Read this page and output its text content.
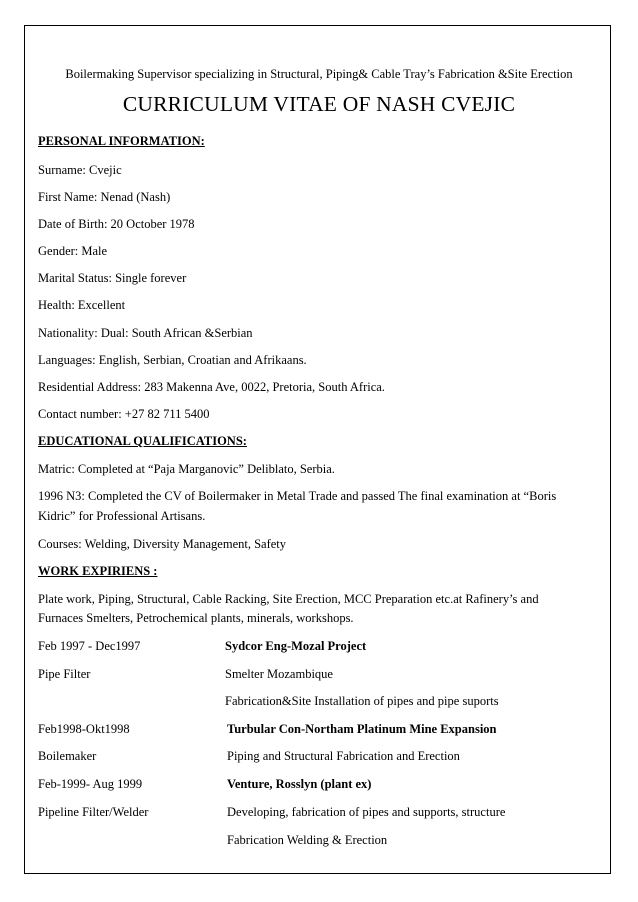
Boilermaking Supervisor specializing in Structural, Piping& Cable Tray’s Fabrication &Site Erection
CURRICULUM VITAE OF NASH CVEJIC
PERSONAL INFORMATION:
Surname: Cvejic
First Name: Nenad (Nash)
Date of Birth: 20 October 1978
Gender: Male
Marital Status: Single forever
Health: Excellent
Nationality: Dual: South African &Serbian
Languages: English, Serbian, Croatian and Afrikaans.
Residential Address: 283 Makenna Ave, 0022, Pretoria, South Africa.
Contact number: +27 82 711 5400
EDUCATIONAL QUALIFICATIONS:
Matric: Completed at “Paja Marganovic” Deliblato, Serbia.
1996 N3: Completed the CV of Boilermaker in Metal Trade and passed The final examination at “Boris
Kidric” for Professional Artisans.
Courses: Welding, Diversity Management, Safety
WORK EXPIRIENS :
Plate work, Piping, Structural, Cable Racking, Site Erection, MCC Preparation etc.at Rafinery’s and
Furnaces Smelters, Petrochemical plants, minerals, workshops.
Feb 1997 - Dec1997	Sydcor Eng-Mozal Project
Pipe Filter	Smelter Mozambique
Fabrication&Site Installation of pipes and pipe suports
Feb1998-Okt1998	Turbular Con-Northam Platinum Mine Expansion
Boilemaker	Piping and Structural Fabrication and Erection
Feb-1999- Aug 1999	Venture, Rosslyn (plant ex)
Pipeline Filter/Welder	Developing, fabrication of pipes and supports, structure
Fabrication Welding & Erection
